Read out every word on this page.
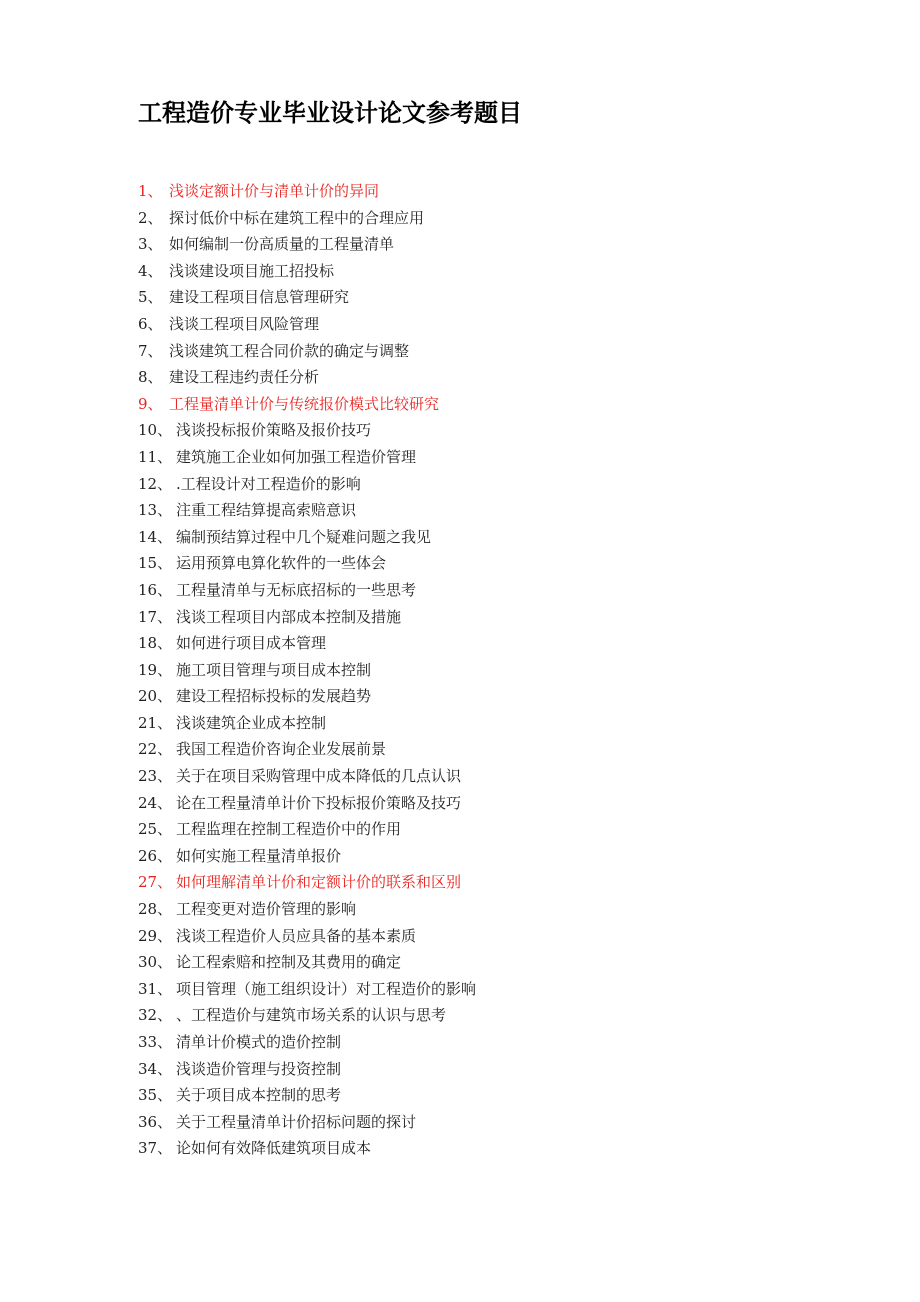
工程造价专业毕业设计论文参考题目
1、 浅谈定额计价与清单计价的异同
2、 探讨低价中标在建筑工程中的合理应用
3、 如何编制一份高质量的工程量清单
4、 浅谈建设项目施工招投标
5、 建设工程项目信息管理研究
6、 浅谈工程项目风险管理
7、 浅谈建筑工程合同价款的确定与调整
8、 建设工程违约责任分析
9、 工程量清单计价与传统报价模式比较研究
10、 浅谈投标报价策略及报价技巧
11、 建筑施工企业如何加强工程造价管理
12、 .工程设计对工程造价的影响
13、 注重工程结算提高索赔意识
14、 编制预结算过程中几个疑难问题之我见
15、 运用预算电算化软件的一些体会
16、 工程量清单与无标底招标的一些思考
17、 浅谈工程项目内部成本控制及措施
18、 如何进行项目成本管理
19、 施工项目管理与项目成本控制
20、 建设工程招标投标的发展趋势
21、 浅谈建筑企业成本控制
22、 我国工程造价咨询企业发展前景
23、 关于在项目采购管理中成本降低的几点认识
24、 论在工程量清单计价下投标报价策略及技巧
25、 工程监理在控制工程造价中的作用
26、 如何实施工程量清单报价
27、 如何理解清单计价和定额计价的联系和区别
28、 工程变更对造价管理的影响
29、 浅谈工程造价人员应具备的基本素质
30、 论工程索赔和控制及其费用的确定
31、 项目管理（施工组织设计）对工程造价的影响
32、 、工程造价与建筑市场关系的认识与思考
33、 清单计价模式的造价控制
34、 浅谈造价管理与投资控制
35、 关于项目成本控制的思考
36、 关于工程量清单计价招标问题的探讨
37、 论如何有效降低建筑项目成本
